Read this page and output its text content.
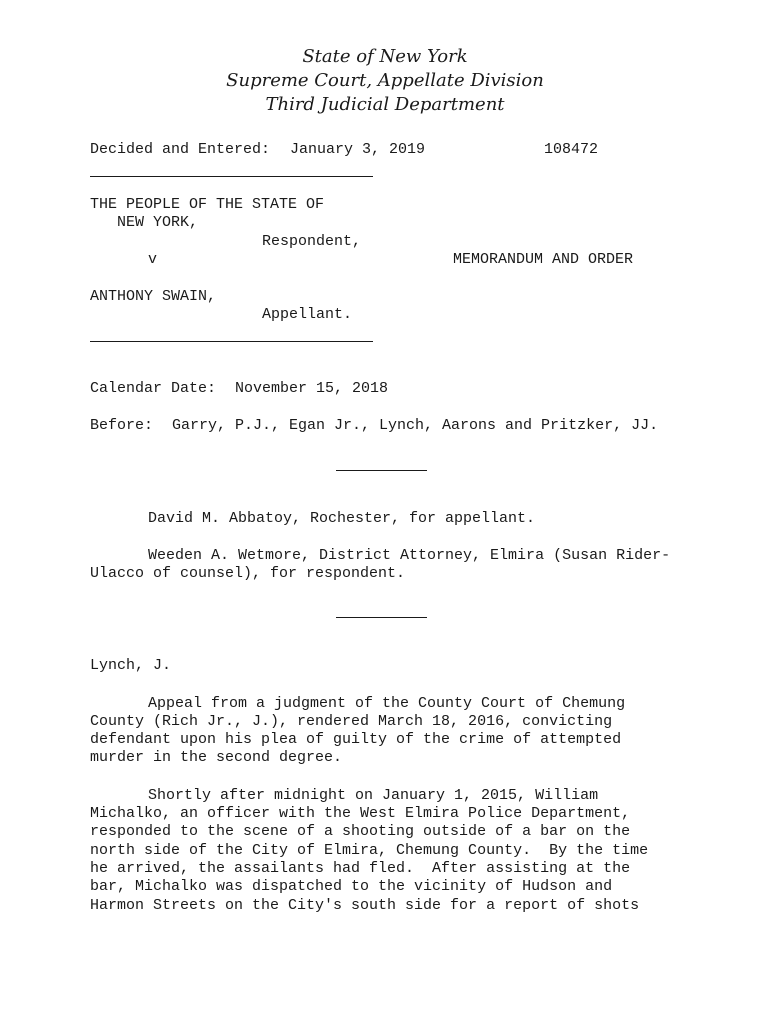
State of New York
Supreme Court, Appellate Division
Third Judicial Department
Decided and Entered: January 3, 2019	108472
THE PEOPLE OF THE STATE OF
NEW YORK,
Respondent,
v	MEMORANDUM AND ORDER
ANTHONY SWAIN,
Appellant.
Calendar Date: November 15, 2018
Before: Garry, P.J., Egan Jr., Lynch, Aarons and Pritzker, JJ.
David M. Abbatoy, Rochester, for appellant.
Weeden A. Wetmore, District Attorney, Elmira (Susan Rider-
Ulacco of counsel), for respondent.
Lynch, J.
Appeal from a judgment of the County Court of Chemung
County (Rich Jr., J.), rendered March 18, 2016, convicting
defendant upon his plea of guilty of the crime of attempted
murder in the second degree.
Shortly after midnight on January 1, 2015, William
Michalko, an officer with the West Elmira Police Department,
responded to the scene of a shooting outside of a bar on the
north side of the City of Elmira, Chemung County.  By the time
he arrived, the assailants had fled.  After assisting at the
bar, Michalko was dispatched to the vicinity of Hudson and
Harmon Streets on the City's south side for a report of shots
